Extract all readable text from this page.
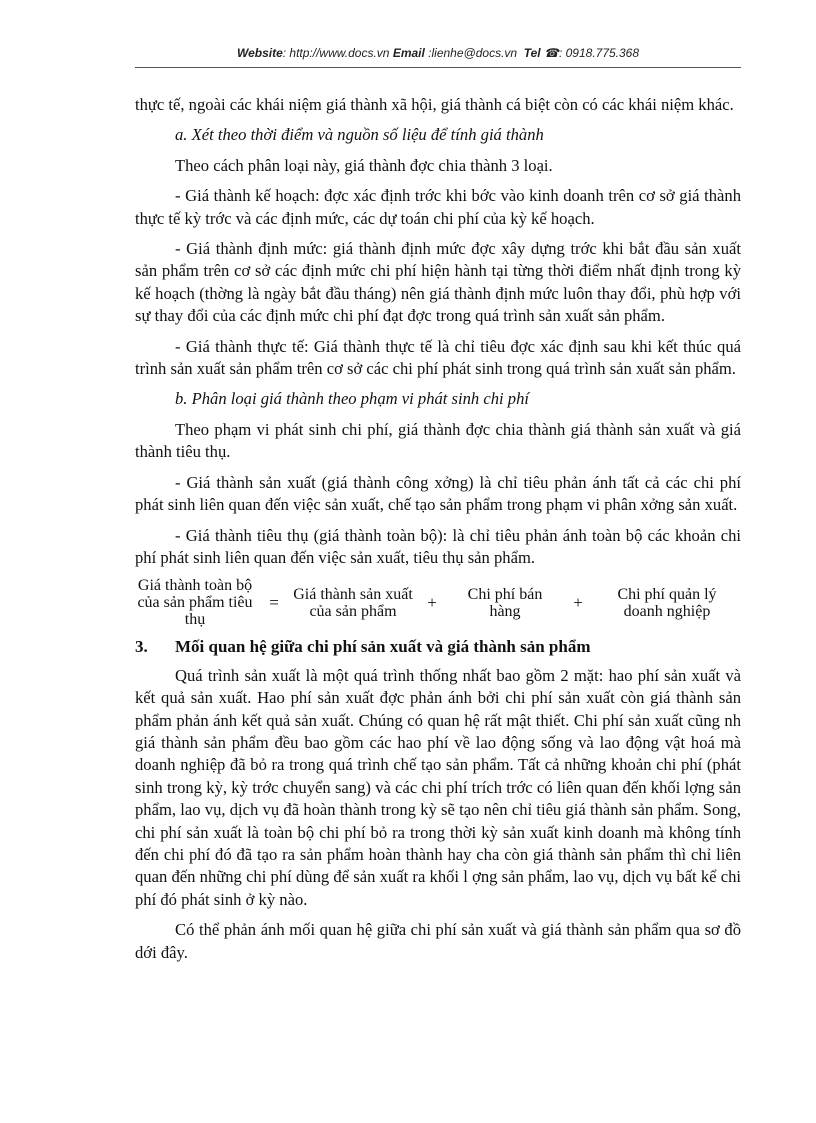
Website: http://www.docs.vn Email :lienhe@docs.vn Tel ☎: 0918.775.368

thực tế, ngoài các khái niệm giá thành xã hội, giá thành cá biệt còn có các khái niệm khác.

a. Xét theo thời điểm và nguồn số liệu để tính giá thành

Theo cách phân loại này, giá thành đợc chia thành 3 loại.

- Giá thành kế hoạch: đợc xác định trớc khi bớc vào kinh doanh trên cơ sở giá thành thực tế kỳ trớc và các định mức, các dự toán chi phí của kỳ kế hoạch.

- Giá thành định mức: giá thành định mức đợc xây dựng trớc khi bắt đầu sản xuất sản phẩm trên cơ sở các định mức chi phí hiện hành tại từng thời điểm nhất định trong kỳ kế hoạch (thờng là ngày bắt đầu tháng) nên giá thành định mức luôn thay đổi, phù hợp với sự thay đổi của các định mức chi phí đạt đợc trong quá trình sản xuất sản phẩm.

- Giá thành thực tế: Giá thành thực tế là chỉ tiêu đợc xác định sau khi kết thúc quá trình sản xuất sản phẩm trên cơ sở các chi phí phát sinh trong quá trình sản xuất sản phẩm.

b. Phân loại giá thành theo phạm vi phát sinh chi phí

Theo phạm vi phát sinh chi phí, giá thành đợc chia thành giá thành sản xuất và giá thành tiêu thụ.

- Giá thành sản xuất (giá thành công xởng) là chỉ tiêu phản ánh tất cả các chi phí phát sinh liên quan đến việc sản xuất, chế tạo sản phẩm trong phạm vi phân xởng sản xuất.

- Giá thành tiêu thụ (giá thành toàn bộ): là chỉ tiêu phản ánh toàn bộ các khoản chi phí phát sinh liên quan đến việc sản xuất, tiêu thụ sản phẩm.

Giá thành toàn bộ của sản phẩm tiêu thụ
= Giá thành sản xuất của sản phẩm	+	Chi phí bán hàng	+	Chi phí quản lý doanh nghiệp
3.	Mối quan hệ giữa chi phí sản xuất và giá thành sản phẩm

Quá trình sản xuất là một quá trình thống nhất bao gồm 2 mặt: hao phí sản xuất và kết quả sản xuất. Hao phí sản xuất đợc phản ánh bởi chi phí sản xuất còn giá thành sản phẩm phản ánh kết quả sản xuất. Chúng có quan hệ rất mật thiết. Chi phí sản xuất cũng nh giá thành sản phẩm đều bao gồm các hao phí về lao động sống và lao động vật hoá mà doanh nghiệp đã bỏ ra trong quá trình chế tạo sản phẩm. Tất cả những khoản chi phí (phát sinh trong kỳ, kỳ trớc chuyển sang) và các chi phí trích trớc có liên quan đến khối lợng sản phẩm, lao vụ, dịch vụ đã hoàn thành trong kỳ sẽ tạo nên chỉ tiêu giá thành sản phẩm. Song, chi phí sản xuất là toàn bộ chi phí bỏ ra trong thời kỳ sản xuất kinh doanh mà không tính đến chi phí đó đã tạo ra sản phẩm hoàn thành hay cha còn giá thành sản phẩm thì chỉ liên quan đến những chi phí dùng để sản xuất ra khối l ợng sản phẩm, lao vụ, dịch vụ bất kể chi phí đó phát sinh ở kỳ nào.

Có thể phản ánh mối quan hệ giữa chi phí sản xuất và giá thành sản phẩm qua sơ đồ dới đây.
